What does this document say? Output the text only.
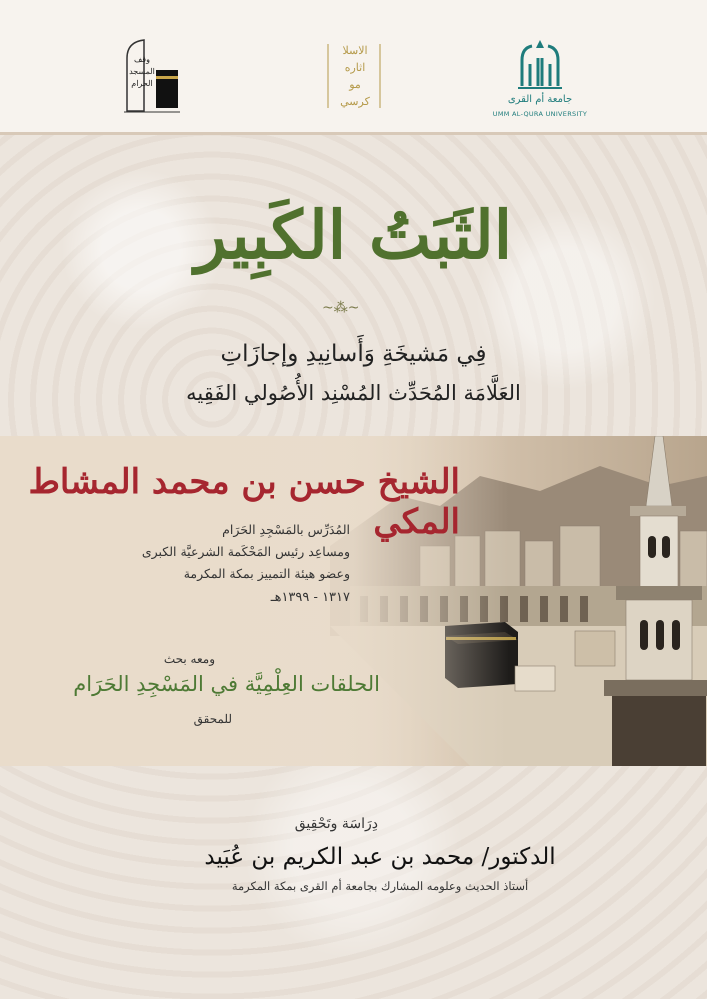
وقف
المسجد
الحرام
الاسلا
اثاره
مو
كرسي	جامعة أم القرى
UMM AL-QURA UNIVERSITY
الثَبَتُ الكَبِير
~⁂~
فِي مَشيخَةِ وَأَسانِيدِ وإجازَاتِ
العَلَّامَة المُحَدِّث المُسْنِد الأُصُولي الفَقِيه
الشيخ حسن بن محمد المشاط المكي
المُدَرِّس بالمَسْجِدِ الحَرَام
ومساعِد رئيس المَحْكَمة الشرعيَّة الكبرى
وعضو هيئة التمييز بمكة المكرمة
١٣١٧ - ١٣٩٩هـ
ومعه بحث
الحلقات العِلْمِيَّة في المَسْجِدِ الحَرَام
للمحقق
دِرَاسَة وتَحْقِيق
الدكتور/ محمد بن عبد الكريم بن عُبَيد
أستاذ الحديث وعلومه المشارك بجامعة أم القرى بمكة المكرمة
